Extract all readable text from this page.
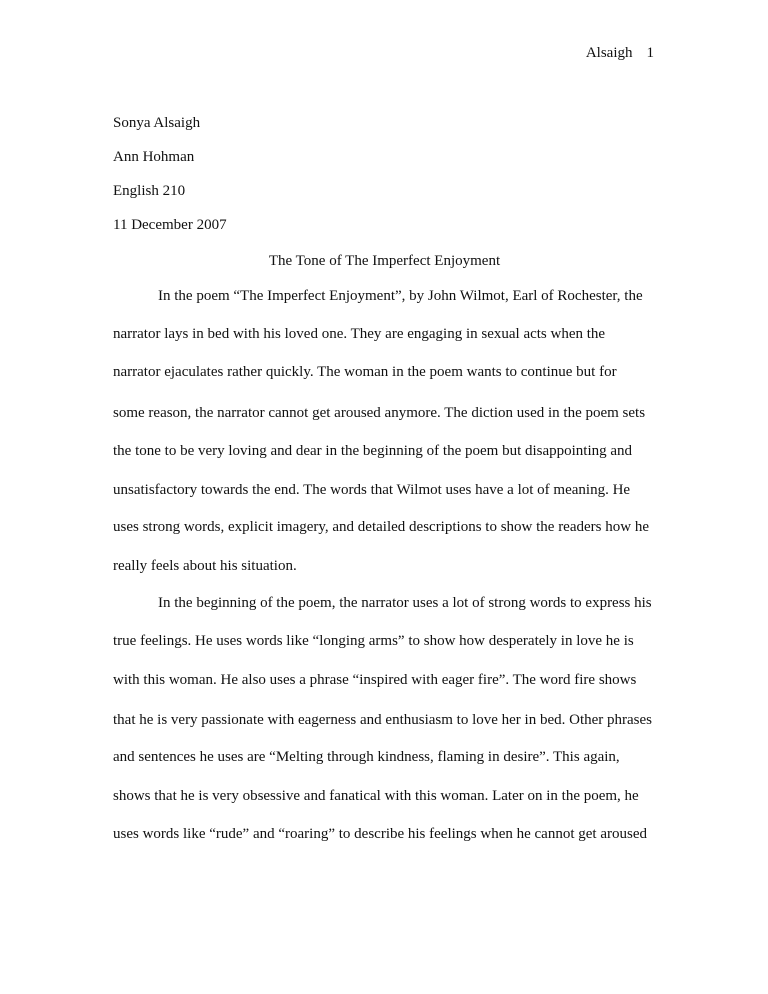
Alsaigh 1
Sonya Alsaigh
Ann Hohman
English 210
11 December 2007
The Tone of The Imperfect Enjoyment
In the poem “The Imperfect Enjoyment”, by John Wilmot, Earl of Rochester, the
narrator lays in bed with his loved one. They are engaging in sexual acts when the
narrator ejaculates rather quickly. The woman in the poem wants to continue but for
some reason, the narrator cannot get aroused anymore. The diction used in the poem sets
the tone to be very loving and dear in the beginning of the poem but disappointing and
unsatisfactory towards the end. The words that Wilmot uses have a lot of meaning. He
uses strong words, explicit imagery, and detailed descriptions to show the readers how he
really feels about his situation.
In the beginning of the poem, the narrator uses a lot of strong words to express his
true feelings. He uses words like “longing arms” to show how desperately in love he is
with this woman. He also uses a phrase “inspired with eager fire”. The word fire shows
that he is very passionate with eagerness and enthusiasm to love her in bed. Other phrases
and sentences he uses are “Melting through kindness, flaming in desire”. This again,
shows that he is very obsessive and fanatical with this woman. Later on in the poem, he
uses words like “rude” and “roaring” to describe his feelings when he cannot get aroused
